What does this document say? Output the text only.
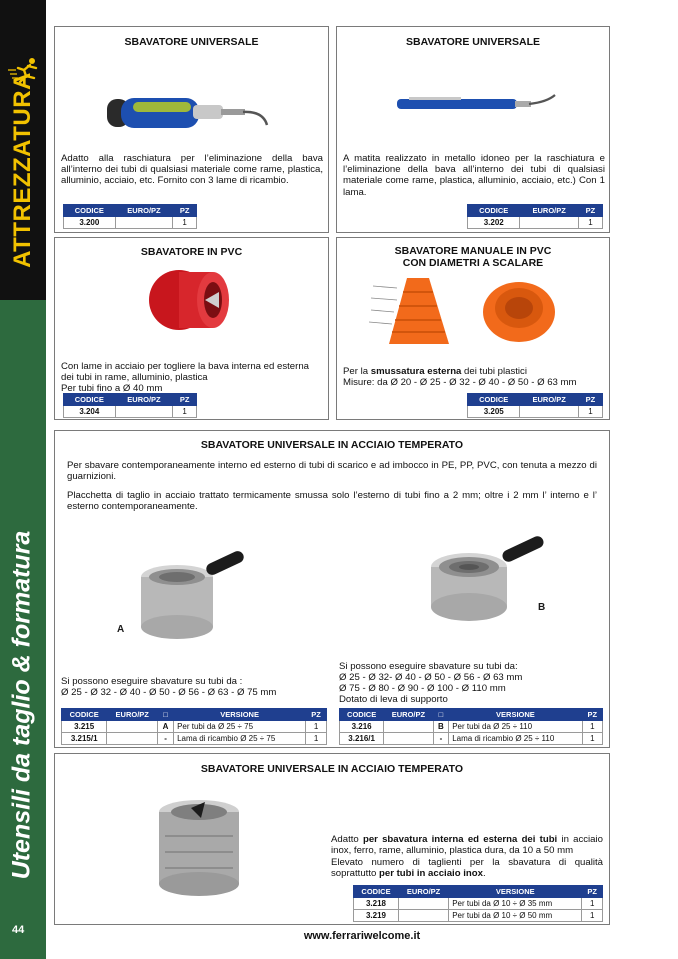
ATTREZZATURA
Utensili da taglio & formatura
44
SBAVATORE UNIVERSALE
Adatto alla raschiatura per l’eliminazione della bava all’interno dei tubi di qualsiasi materiale come rame, plastica, alluminio, acciaio, etc. Fornito con 3 lame di ricambio.
CODICE	EURO/PZ	PZ
3.200		1
SBAVATORE UNIVERSALE
A matita realizzato in metallo idoneo per la raschiatura e l’eliminazione della bava all’interno dei tubi di qualsiasi materiale come rame, plastica, alluminio, acciaio, etc.) Con 1 lama.
CODICE	EURO/PZ	PZ
3.202		1
SBAVATORE IN PVC
Con lame in acciaio per togliere la bava interna ed esterna dei tubi in rame, alluminio, plastica
Per tubi fino a Ø 40 mm
CODICE	EURO/PZ	PZ
3.204		1
SBAVATORE MANUALE IN PVC
CON DIAMETRI A SCALARE
Per la smussatura esterna dei tubi plastici
Misure: da Ø 20 - Ø 25 - Ø 32 - Ø 40 - Ø 50 - Ø 63 mm
CODICE	EURO/PZ	PZ
3.205		1
SBAVATORE UNIVERSALE IN ACCIAIO TEMPERATO
Per sbavare contemporaneamente interno ed esterno di tubi di scarico e ad imbocco in PE, PP, PVC, con tenuta a mezzo di guarnizioni.
Placchetta di taglio in acciaio trattato termicamente smussa solo l’esterno di tubi fino a 2 mm; oltre i 2 mm l’ interno e l’ esterno contemporaneamente.
A
B
Si possono eseguire sbavature su tubi da :
Ø 25 - Ø 32 - Ø 40 - Ø 50 - Ø 56 - Ø 63 - Ø 75 mm
Si possono eseguire sbavature su tubi da:
Ø 25 - Ø 32- Ø 40 - Ø 50 - Ø 56 - Ø 63 mm
Ø 75 - Ø 80 - Ø 90 - Ø 100 - Ø 110 mm
Dotato di leva di supporto
CODICE	EURO/PZ	□	VERSIONE	PZ
3.215		A	Per tubi da Ø 25 ÷ 75	1
3.215/1		-	Lama di ricambio Ø 25 ÷ 75	1
CODICE	EURO/PZ	□	VERSIONE	PZ
3.216		B	Per tubi da Ø 25 ÷ 110	1
3.216/1		-	Lama di ricambio Ø 25 ÷ 110	1
SBAVATORE UNIVERSALE IN ACCIAIO TEMPERATO
Adatto per sbavatura interna ed esterna dei tubi in acciaio inox, ferro, rame, alluminio, plastica dura, da 10 a 50 mm
Elevato numero di taglienti per la sbavatura di qualità soprattutto per tubi in acciaio inox.
CODICE	EURO/PZ	VERSIONE	PZ
3.218		Per tubi da Ø 10 ÷ Ø 35 mm	1
3.219		Per tubi da Ø 10 ÷ Ø 50 mm	1
www.ferrariwelcome.it
